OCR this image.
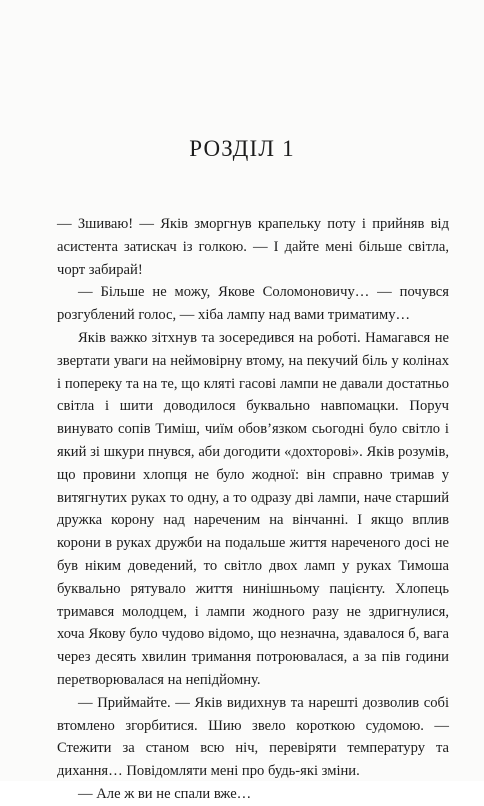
РОЗДІЛ 1

— Зшиваю! — Яків зморгнув крапельку поту і прийняв від асистента затискач із голкою. — І дайте мені більше світла, чорт забирай!

— Більше не можу, Якове Соломоновичу… — почувся розгублений голос, — хіба лампу над вами триматиму…

Яків важко зітхнув та зосередився на роботі. Намагався не звертати уваги на неймовірну втому, на пекучий біль у колінах і попереку та на те, що кляті гасові лампи не давали достатньо світла і шити доводилося буквально навпомацки. Поруч винувато сопів Тиміш, чиїм обов’язком сьогодні було світло і який зі шкури пнувся, аби догодити «дохторові». Яків розумів, що провини хлопця не було жодної: він справно тримав у витягнутих руках то одну, а то одразу дві лампи, наче старший дружка корону над нареченим на вінчанні. І якщо вплив корони в руках дружби на подальше життя нареченого досі не був ніким доведений, то світло двох ламп у руках Тимоша буквально рятувало життя нинішньому пацієнту. Хлопець тримався молодцем, і лампи жодного разу не здригнулися, хоча Якову було чудово відомо, що незначна, здавалося б, вага через десять хвилин тримання потроювалася, а за пів години перетворювалася на непідйомну.

— Приймайте. — Яків видихнув та нарешті дозволив собі втомлено згорбитися. Шию звело короткою судомою. — Стежити за станом всю ніч, перевіряти температуру та дихання… Повідомляти мені про будь-які зміни.

— Але ж ви не спали вже…
